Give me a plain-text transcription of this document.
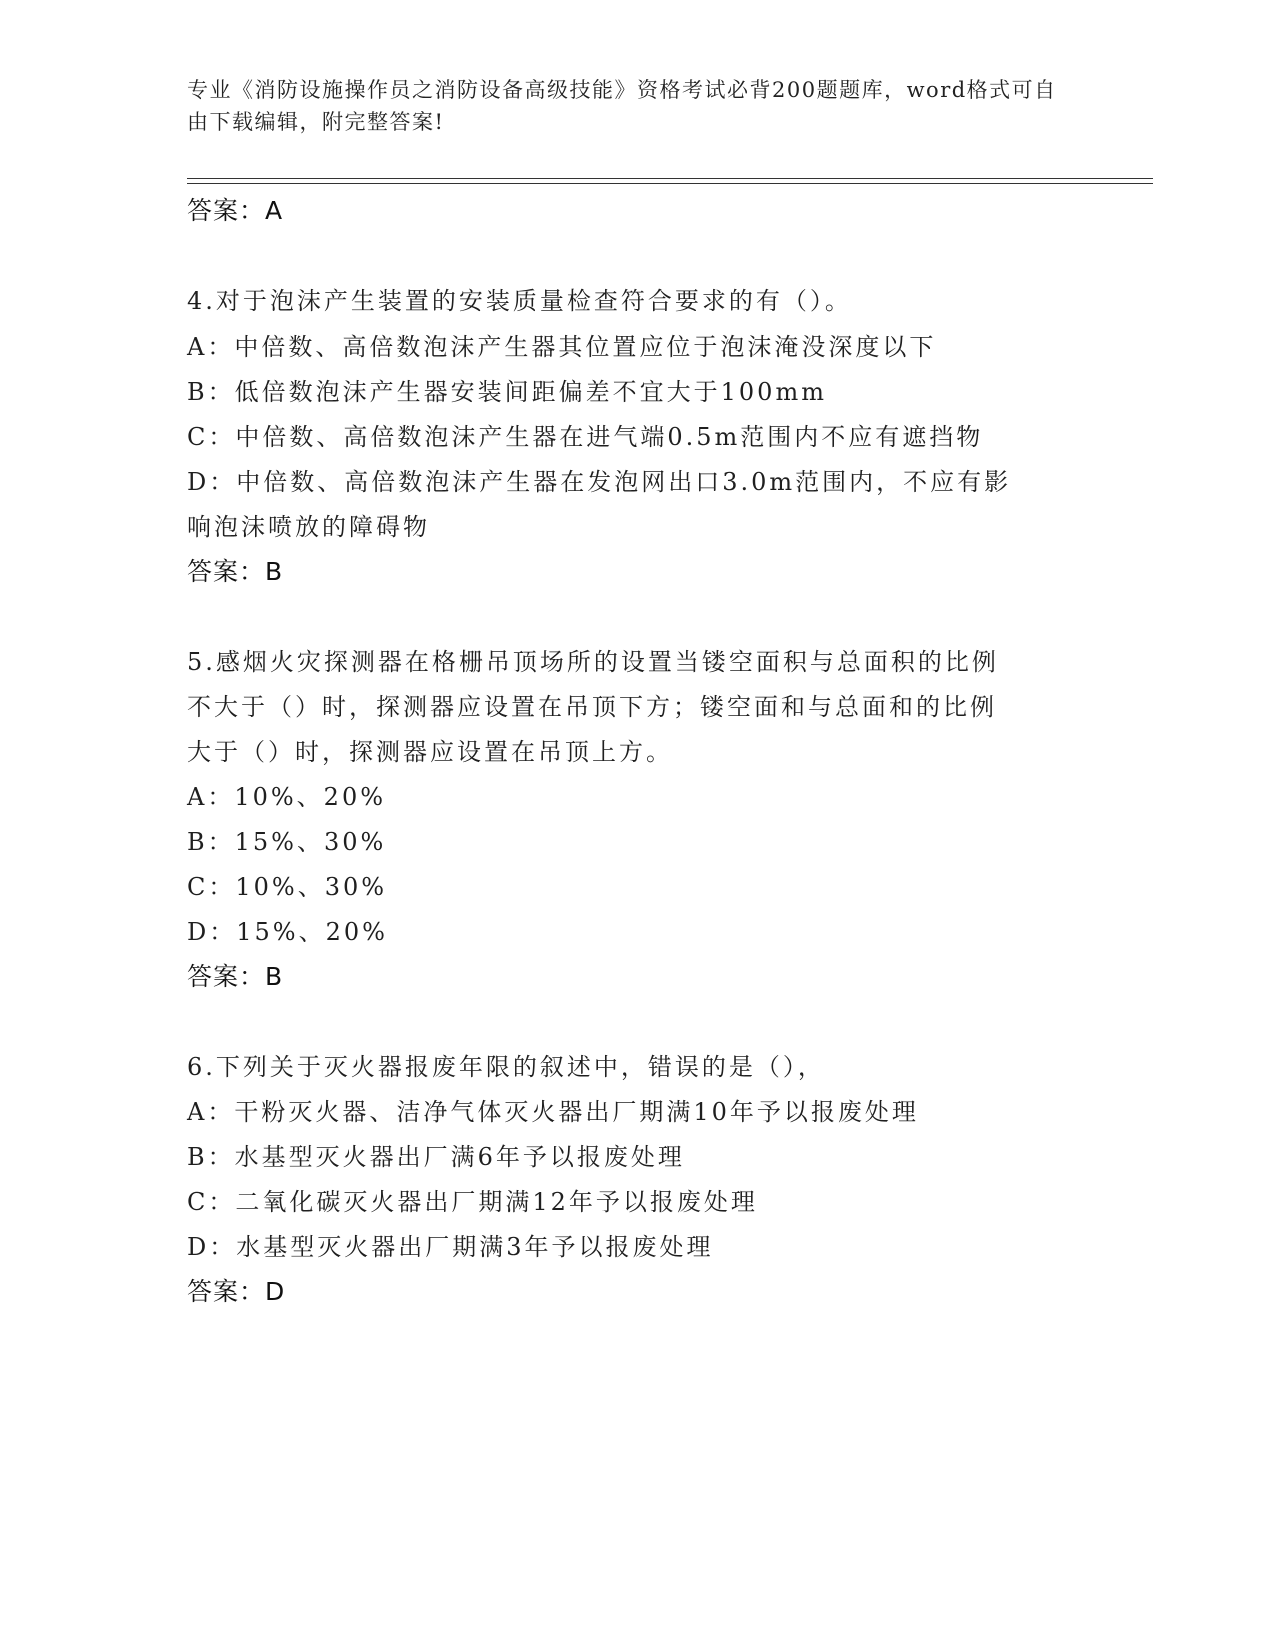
专业《消防设施操作员之消防设备高级技能》资格考试必背200题题库，word格式可自由下载编辑，附完整答案!
答案：A
4.对于泡沫产生装置的安装质量检查符合要求的有（）。
A：中倍数、高倍数泡沫产生器其位置应位于泡沫淹没深度以下
B：低倍数泡沫产生器安装间距偏差不宜大于100mm
C：中倍数、高倍数泡沫产生器在进气端0.5m范围内不应有遮挡物
D：中倍数、高倍数泡沫产生器在发泡网出口3.0m范围内，不应有影
响泡沫喷放的障碍物
答案：B
5.感烟火灾探测器在格栅吊顶场所的设置当镂空面积与总面积的比例
不大于（）时，探测器应设置在吊顶下方；镂空面和与总面和的比例
大于（）时，探测器应设置在吊顶上方。
A：10%、20%
B：15%、30%
C：10%、30%
D：15%、20%
答案：B
6.下列关于灭火器报废年限的叙述中，错误的是（），
A：干粉灭火器、洁净气体灭火器出厂期满10年予以报废处理
B：水基型灭火器出厂满6年予以报废处理
C：二氧化碳灭火器出厂期满12年予以报废处理
D：水基型灭火器出厂期满3年予以报废处理
答案：D
